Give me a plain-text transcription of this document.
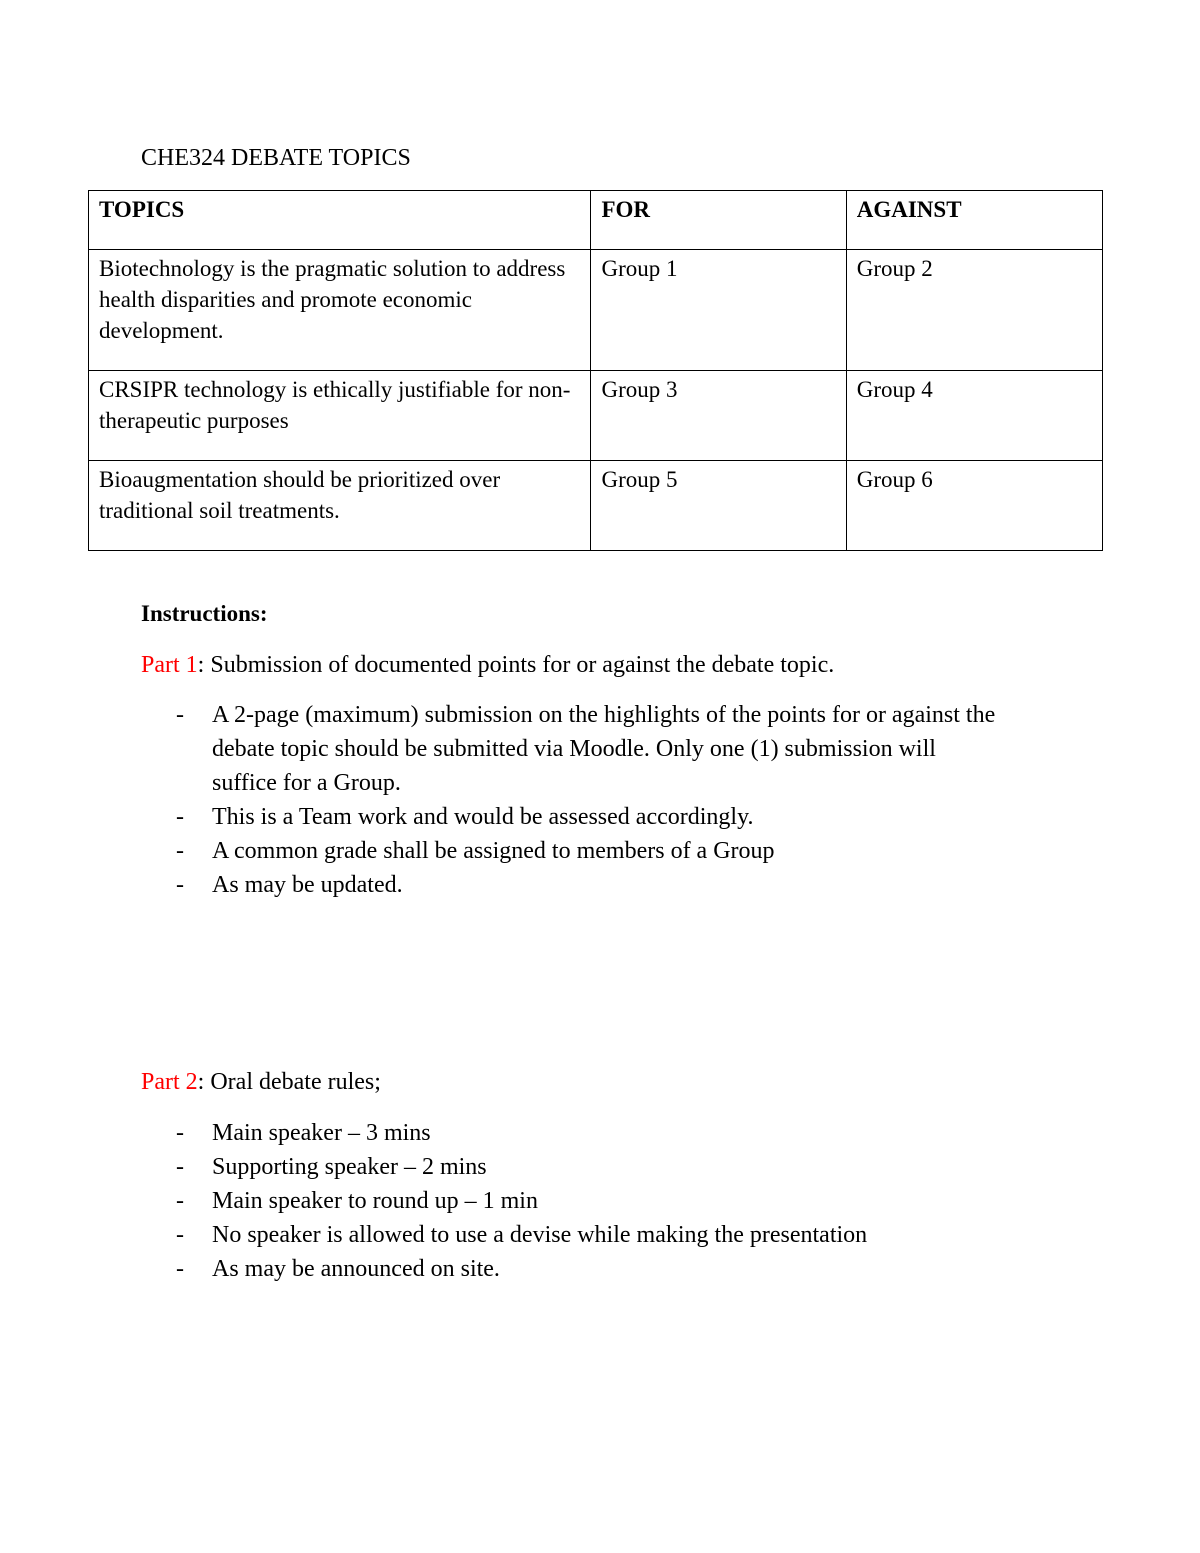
CHE324 DEBATE TOPICS
TOPICS	FOR	AGAINST
Biotechnology is the pragmatic solution to address health disparities and promote economic development.	Group 1	Group 2
CRSIPR technology is ethically justifiable for non-therapeutic purposes	Group 3	Group 4
Bioaugmentation should be prioritized over traditional soil treatments.	Group 5	Group 6

Instructions:

Part 1: Submission of documented points for or against the debate topic.

- A 2-page (maximum) submission on the highlights of the points for or against the debate topic should be submitted via Moodle. Only one (1) submission will suffice for a Group.
- This is a Team work and would be assessed accordingly.
- A common grade shall be assigned to members of a Group
- As may be updated.

Part 2: Oral debate rules;

- Main speaker – 3 mins
- Supporting speaker – 2 mins
- Main speaker to round up – 1 min
- No speaker is allowed to use a devise while making the presentation
- As may be announced on site.
